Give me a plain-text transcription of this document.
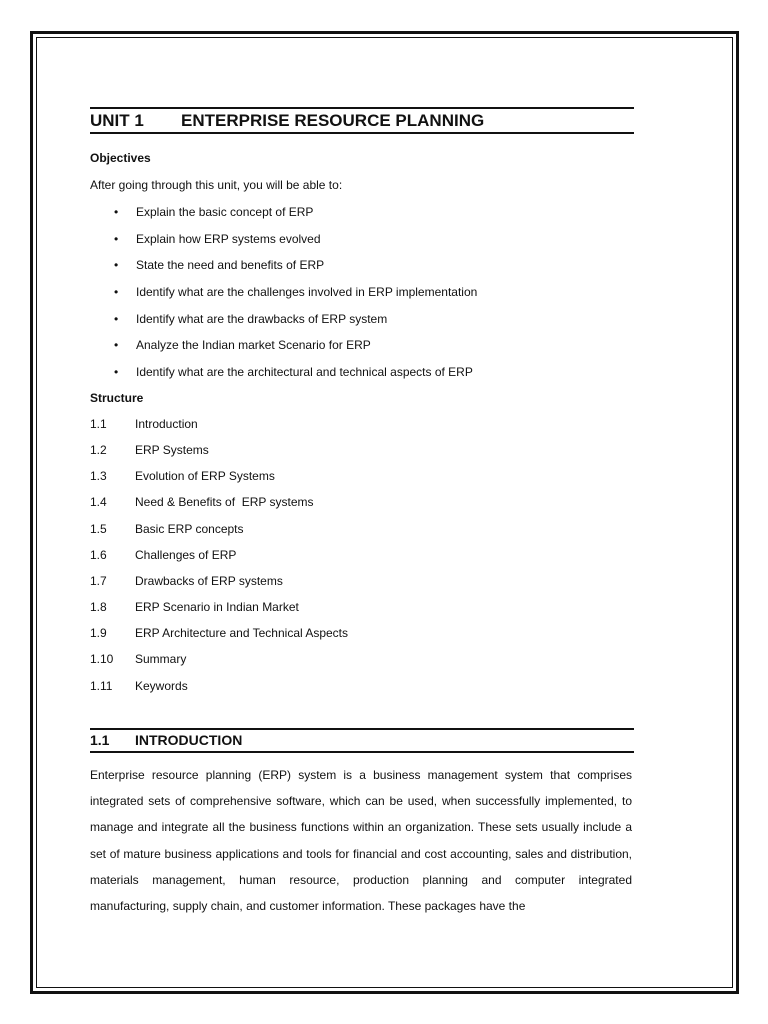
UNIT 1 ENTERPRISE RESOURCE PLANNING
Objectives
After going through this unit, you will be able to:
• Explain the basic concept of ERP
• Explain how ERP systems evolved
• State the need and benefits of ERP
• Identify what are the challenges involved in ERP implementation
• Identify what are the drawbacks of ERP system
• Analyze the Indian market Scenario for ERP
• Identify what are the architectural and technical aspects of ERP
Structure
1.1 Introduction
1.2 ERP Systems
1.3 Evolution of ERP Systems
1.4 Need & Benefits of  ERP systems
1.5 Basic ERP concepts
1.6 Challenges of ERP
1.7 Drawbacks of ERP systems
1.8 ERP Scenario in Indian Market
1.9 ERP Architecture and Technical Aspects
1.10 Summary
1.11 Keywords
1.1 INTRODUCTION
Enterprise resource planning (ERP) system is a business management system that comprises integrated sets of comprehensive software, which can be used, when successfully implemented, to manage and integrate all the business functions within an organization. These sets usually include a set of mature business applications and tools for financial and cost accounting, sales and distribution, materials management, human resource, production planning and computer integrated manufacturing, supply chain, and customer information. These packages have the
